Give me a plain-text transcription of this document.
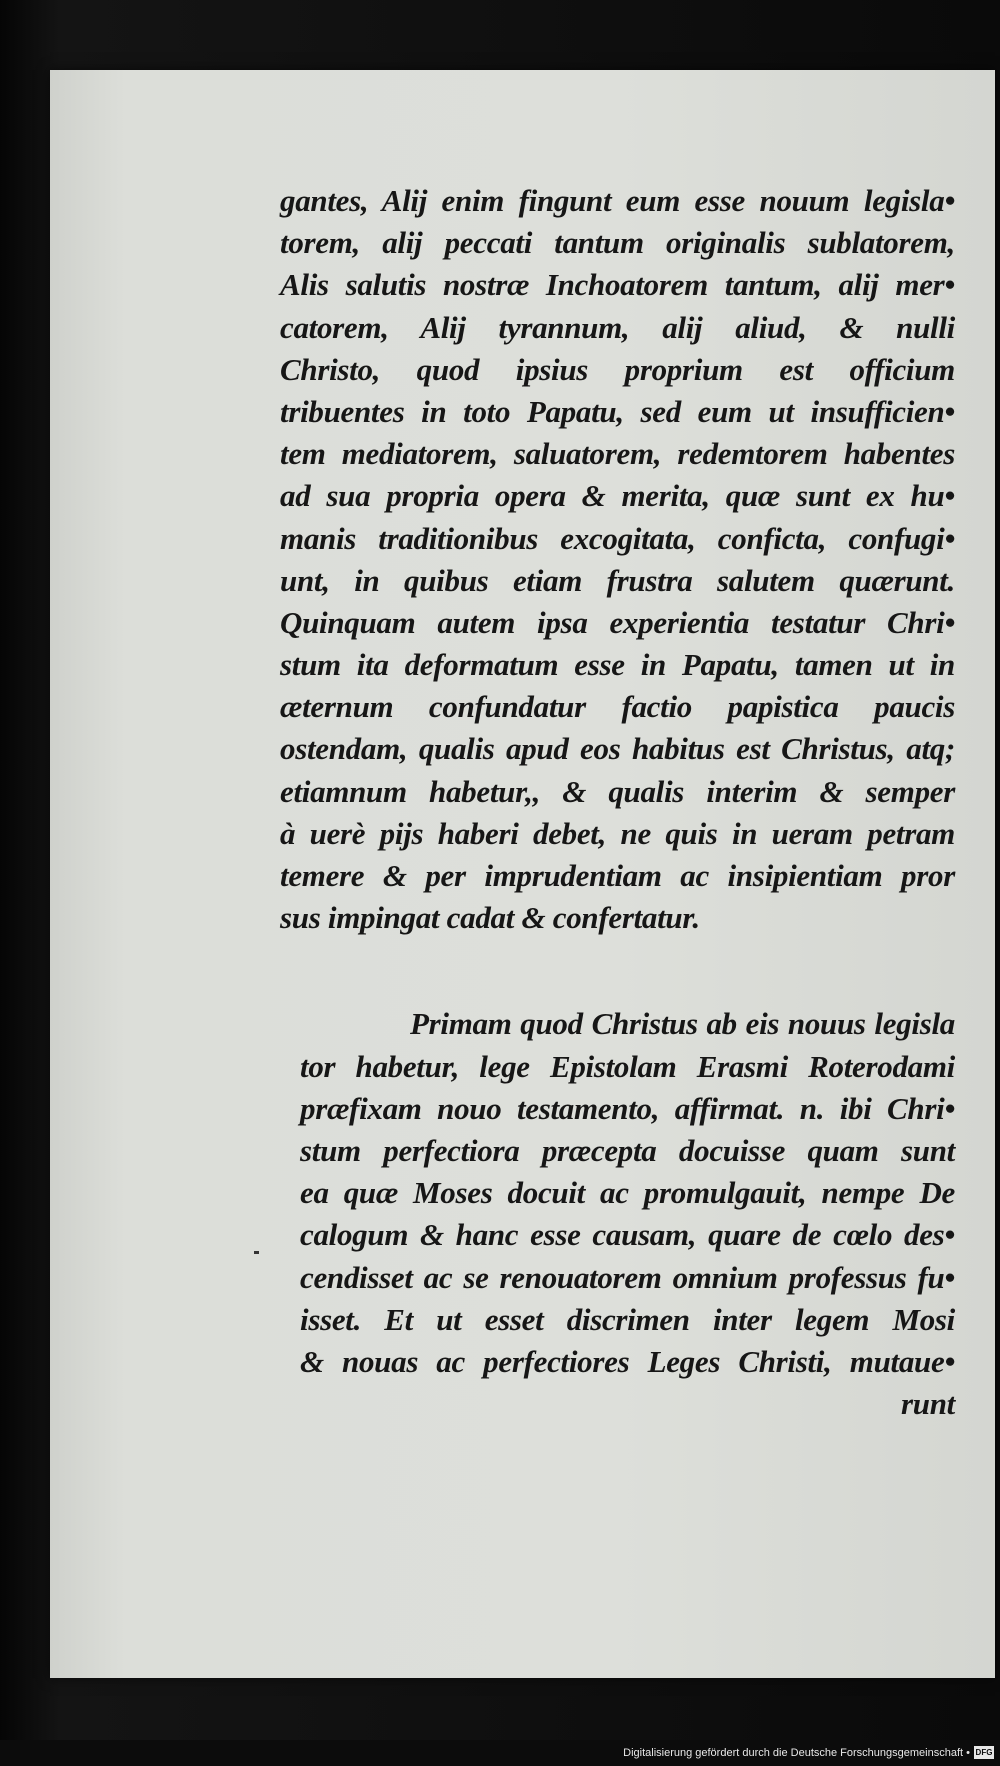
gantes, Alij enim fingunt eum esse nouum legisla•
torem, alij peccati tantum originalis sublatorem,
Alis salutis nostræ Inchoatorem tantum, alij mer•
catorem, Alij tyrannum, alij aliud, & nulli
Christo, quod ipsius proprium est officium
tribuentes in toto Papatu, sed eum ut insufficien•
tem mediatorem, saluatorem, redemtorem habentes
ad sua propria opera & merita, quæ sunt ex hu•
manis traditionibus excogitata, conficta, confugi•
unt, in quibus etiam frustra salutem quærunt.
Quinquam autem ipsa experientia testatur Chri•
stum ita deformatum esse in Papatu, tamen ut in
æternum confundatur factio papistica paucis
ostendam, qualis apud eos habitus est Christus, atq;
etiamnum habetur,, & qualis interim & semper
à uerè pijs haberi debet, ne quis in ueram petram
temere & per imprudentiam ac insipientiam pror
sus impingat cadat & confertatur.
Primam quod Christus ab eis nouus legisla
tor habetur, lege Epistolam Erasmi Roterodami
præfixam nouo testamento, affirmat. n. ibi Chri•
stum perfectiora præcepta docuisse quam sunt
ea quæ Moses docuit ac promulgauit, nempe De
calogum & hanc esse causam, quare de cœlo des•
cendisset ac se renouatorem omnium professus fu•
isset. Et ut esset discrimen inter legem Mosi
& nouas ac perfectiores Leges Christi, mutaue•
runt
Digitalisierung gefördert durch die Deutsche Forschungsgemeinschaft • DFG
